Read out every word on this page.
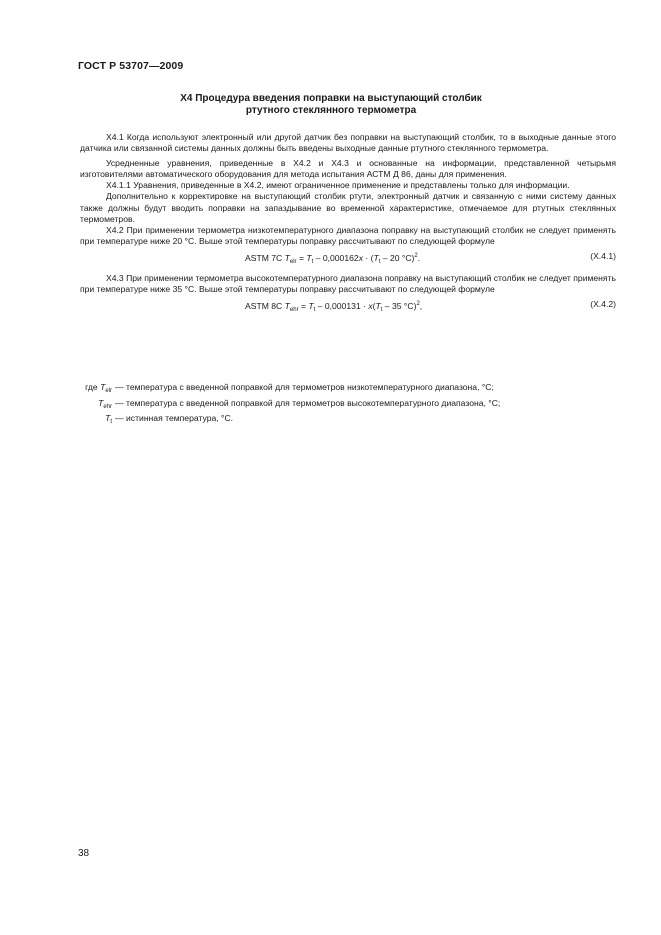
ГОСТ Р 53707—2009
Х4 Процедура введения поправки на выступающий столбик
ртутного стеклянного термометра

Х4.1 Когда используют электронный или другой датчик без поправки на выступающий столбик, то в выходные данные этого датчика или связанной системы данных должны быть введены выходные данные ртутного стеклянного термометра.

Усредненные уравнения, приведенные в Х4.2 и Х4.3 и основанные на информации, представленной четырьмя изготовителями автоматического оборудования для метода испытания АСТМ Д 86, даны для применения.

Х4.1.1 Уравнения, приведенные в Х4.2, имеют ограниченное применение и представлены только для информации.

Дополнительно к корректировке на выступающий столбик ртути, электронный датчик и связанную с ними систему данных также должны будут вводить поправки на запаздывание во временной характеристике, отмечаемое для ртутных стеклянных термометров.

Х4.2 При применении термометра низкотемпературного диапазона поправку на выступающий столбик не следует применять при температуре ниже 20 °С. Выше этой температуры поправку рассчитывают по следующей формуле

ASTM 7C $T_{elr} = T_t - 0,000162x \cdot (T_t - 20$ °C)$^2$.	(Х.4.1)

Х4.3 При применении термометра высокотемпературного диапазона поправку на выступающий столбик не следует применять при температуре ниже 35 °С. Выше этой температуры поправку рассчитывают по следующей формуле

ASTM 8C $T_{ehr} = T_t - 0,000131 \cdot x(T_t - 35$ °C)$^2$,	(Х.4.2)
где $T_{elr}$ — температура с введенной поправкой для термометров низкотемпературного диапазона, °С;
$T_{ehr}$ — температура с введенной поправкой для термометров высокотемпературного диапазона, °С;
$T_t$ — истинная температура, °С.
38
